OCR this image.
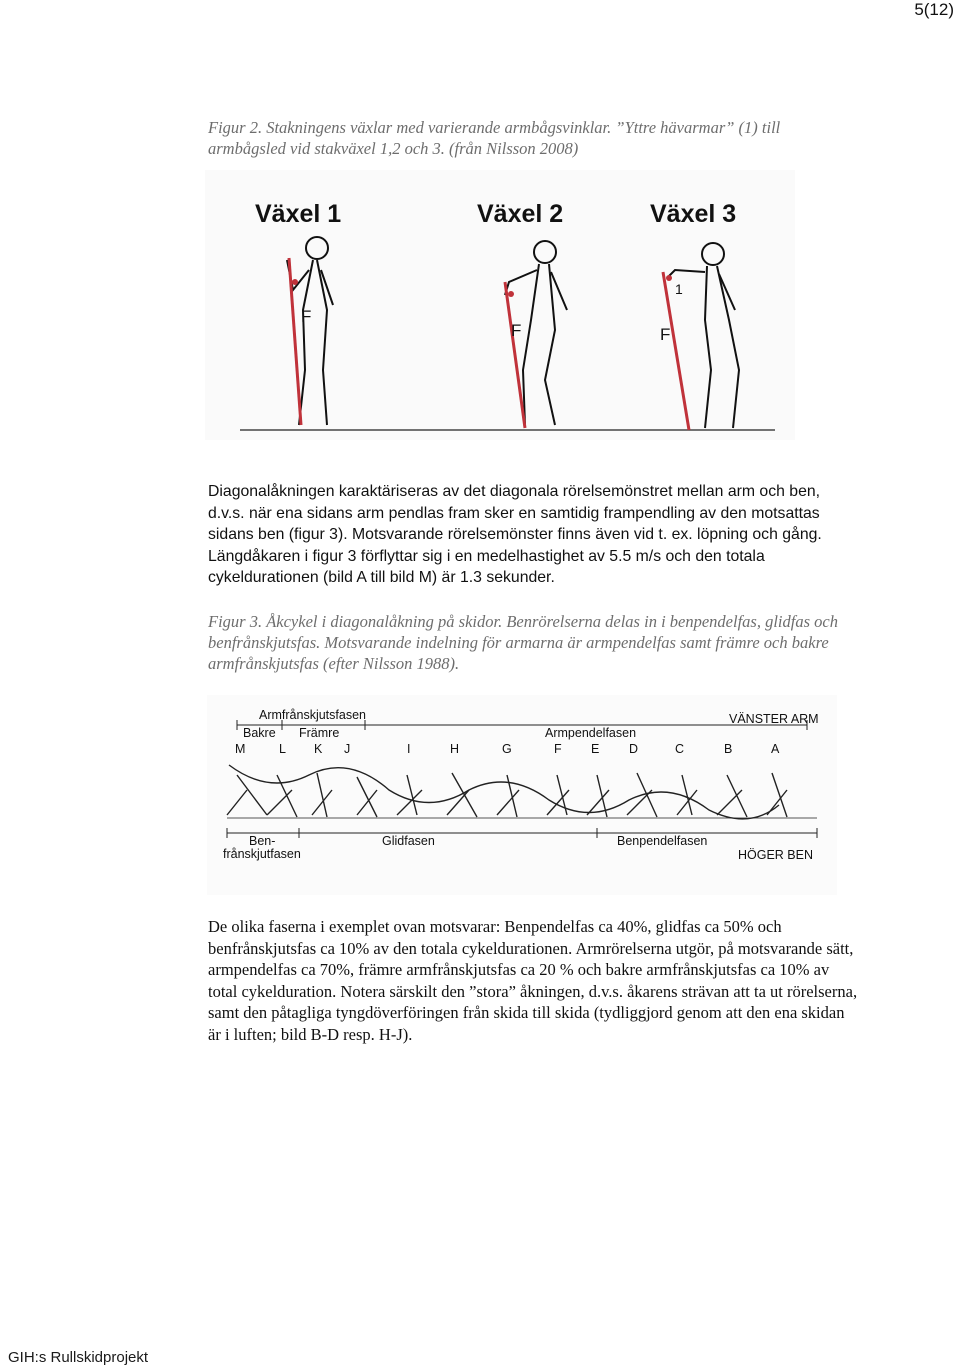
5(12)

Figur 2. Stakningens växlar med varierande armbågsvinklar. ”Yttre hävarmar” (1) till armbågsled vid stakväxel 1,2 och 3. (från Nilsson 2008)

Växel 1	Växel 2	Växel 3
F
F
1
F

Diagonalåkningen karaktäriseras av det diagonala rörelsemönstret mellan arm och ben, d.v.s. när ena sidans arm pendlas fram sker en samtidig frampendling av den motsattas sidans ben (figur 3). Motsvarande rörelsemönster finns även vid t. ex. löpning och gång. Längdåkaren i figur 3 förflyttar sig i en medelhastighet av 5.5 m/s och den totala cykeldurationen (bild A till bild M) är 1.3 sekunder.

Figur 3. Åkcykel i diagonalåkning på skidor. Benrörelserna delas in i benpendelfas, glidfas och benfrånskjutsfas. Motsvarande indelning för armarna är armpendelfas samt främre och bakre armfrånskjutsfas (efter Nilsson 1988).

Armfrånskjutsfasen
Bakre Främre	Armpendelfasen
VÄNSTER ARM
M	L K J	I	H	G	F E D	C	B	A
Ben-
frånskjutfasen
Glidfasen	Benpendelfasen
HÖGER BEN

De olika faserna i exemplet ovan motsvarar: Benpendelfas ca 40%, glidfas ca 50% och benfrånskjutsfas ca 10% av den totala cykeldurationen. Armrörelserna utgör, på motsvarande sätt, armpendelfas ca 70%, främre armfrånskjutsfas ca 20 % och bakre armfrånskjutsfas ca 10% av total cykelduration. Notera särskilt den ”stora” åkningen, d.v.s. åkarens strävan att ta ut rörelserna, samt den påtagliga tyngdöverföringen från skida till skida (tydliggjord genom att den ena skidan är i luften; bild B-D resp. H-J).

GIH:s Rullskidprojekt
